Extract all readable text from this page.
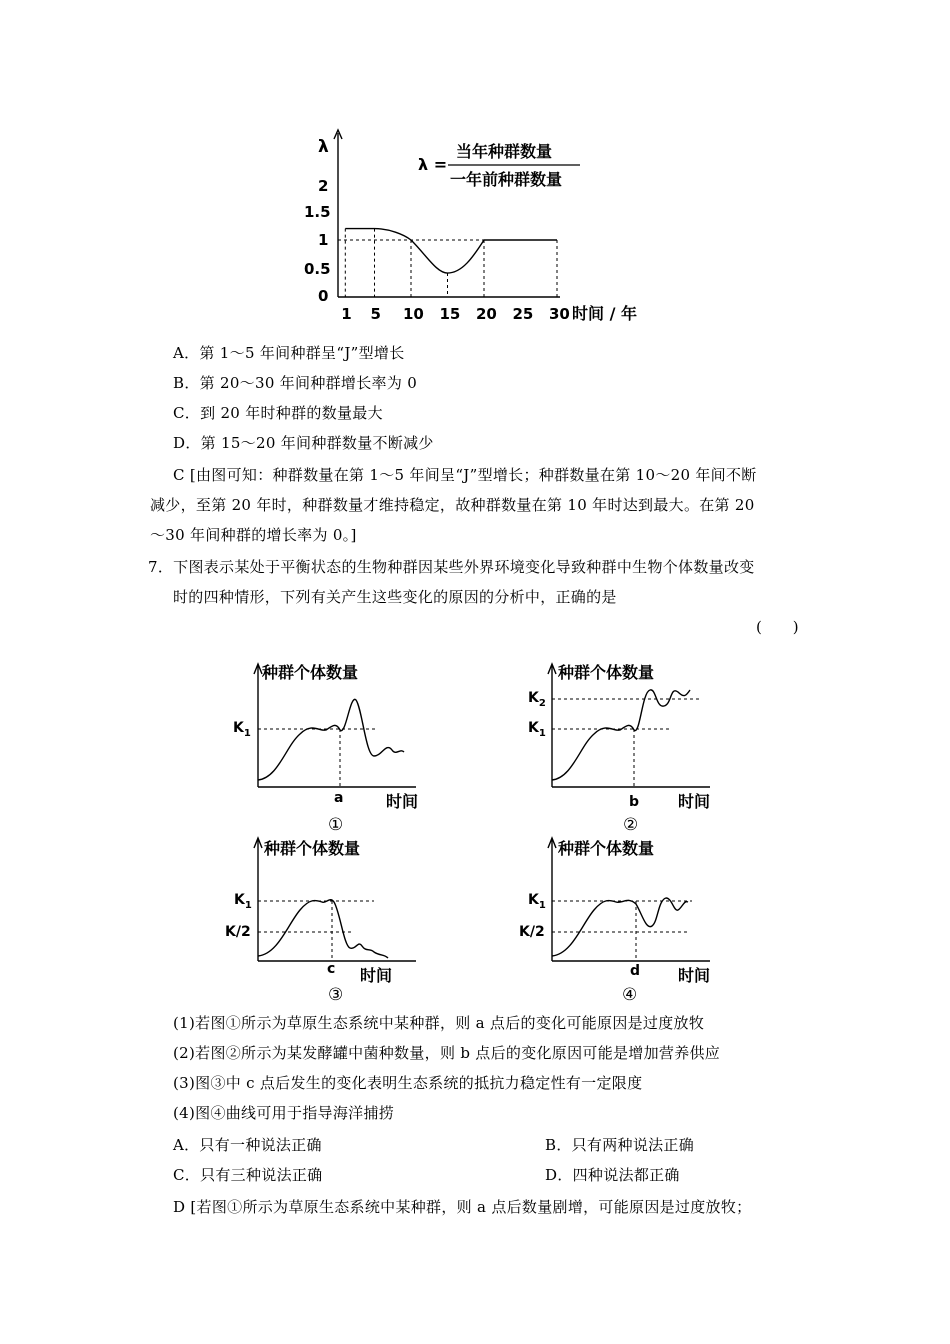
λ
2
1.5
1
0.5
0
λ =
当年种群数量
一年前种群数量
1 5 10 15 20 25 30 时间 / 年
A．第 1～5 年间种群呈“J”型增长
B．第 20～30 年间种群增长率为 0
C．到 20 年时种群的数量最大
D．第 15～20 年间种群数量不断减少
C [由图可知：种群数量在第 1～5 年间呈“J”型增长；种群数量在第 10～20 年间不断
减少，至第 20 年时，种群数量才维持稳定，故种群数量在第 10 年时达到最大。在第 20
～30 年间种群的增长率为 0。]
7．下图表示某处于平衡状态的生物种群因某些外界环境变化导致种群中生物个体数量改变
时的四种情形，下列有关产生这些变化的原因的分析中，正确的是
(　　)
种群个体数量
$K_1$
a	时间
①
种群个体数量
$K_2$
$K_1$
b 时间
②
种群个体数量
$K_1$
K/2
c 时间
③
种群个体数量
$K_1$
K/2
d 时间
④
(1)若图①所示为草原生态系统中某种群，则 a 点后的变化可能原因是过度放牧
(2)若图②所示为某发酵罐中菌种数量，则 b 点后的变化原因可能是增加营养供应
(3)图③中 c 点后发生的变化表明生态系统的抵抗力稳定性有一定限度
(4)图④曲线可用于指导海洋捕捞
A．只有一种说法正确	B．只有两种说法正确
C．只有三种说法正确	D．四种说法都正确
D [若图①所示为草原生态系统中某种群，则 a 点后数量剧增，可能原因是过度放牧；
